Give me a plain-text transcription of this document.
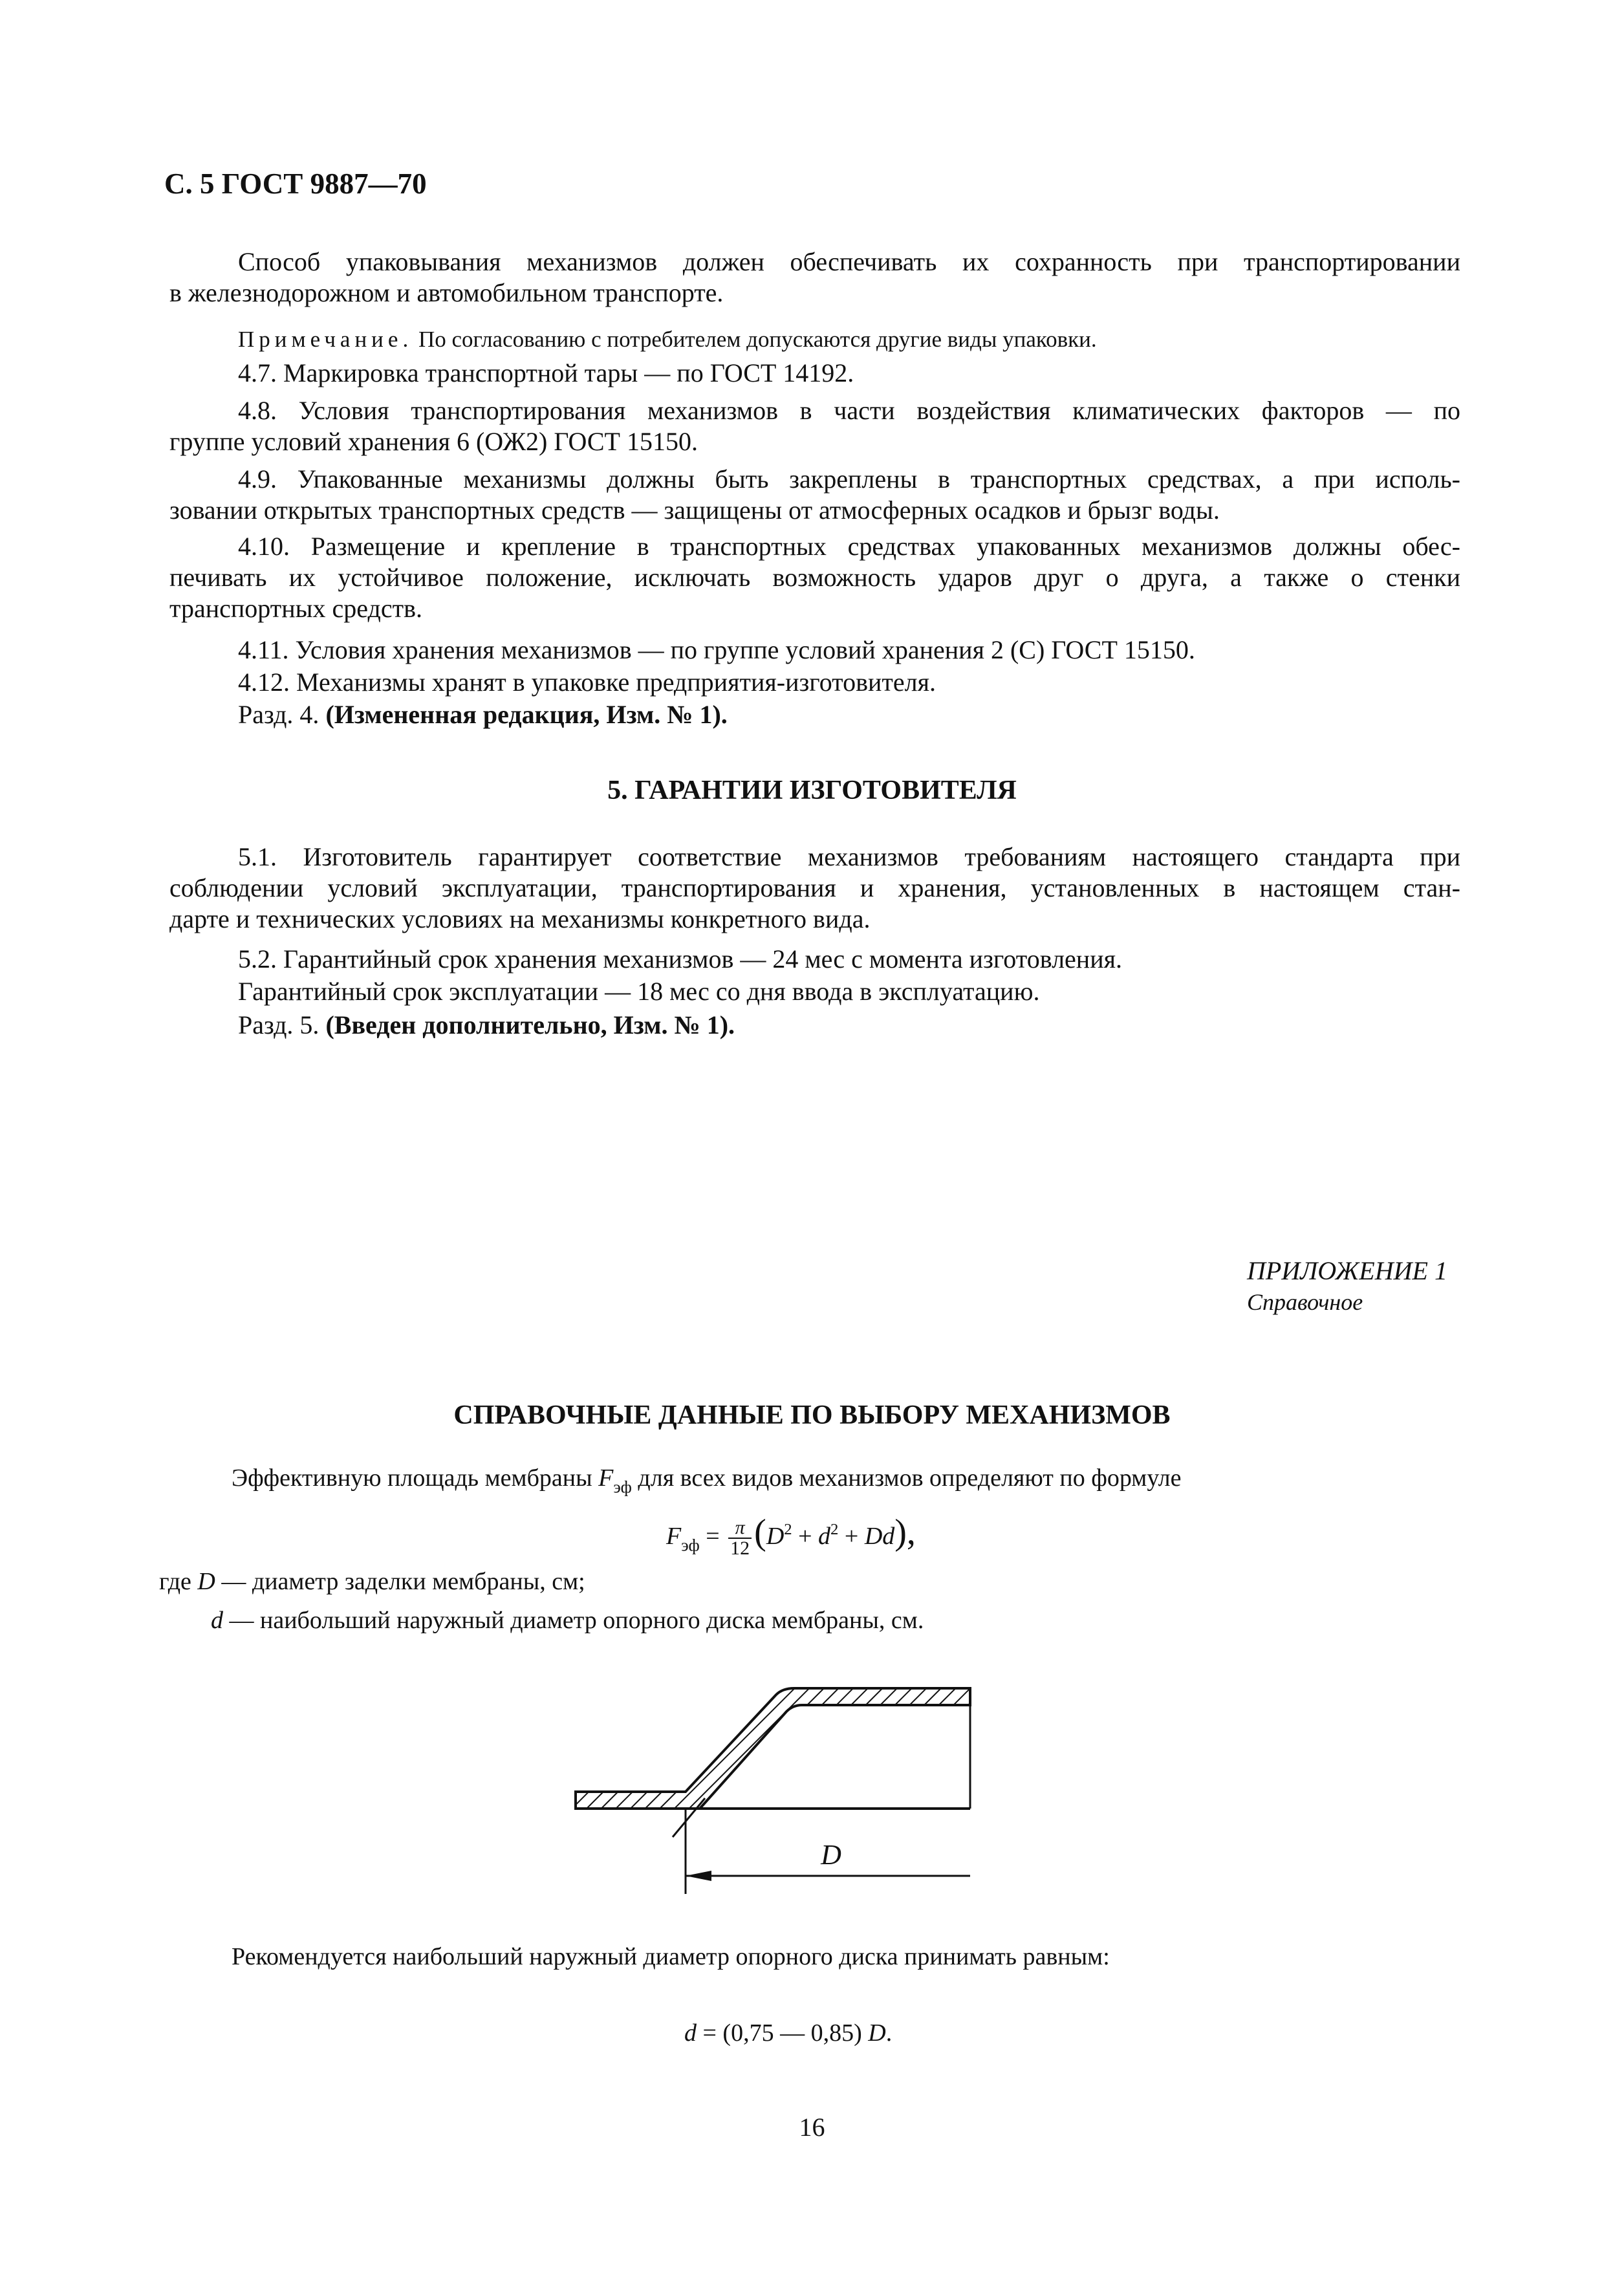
С. 5 ГОСТ 9887—70
Способ упаковывания механизмов должен обеспечивать их сохранность при транспортировании
в железнодорожном и автомобильном транспорте.
Примечание. По согласованию с потребителем допускаются другие виды упаковки.
4.7. Маркировка транспортной тары — по ГОСТ 14192.
4.8. Условия транспортирования механизмов в части воздействия климатических факторов — по
группе условий хранения 6 (ОЖ2) ГОСТ 15150.
4.9. Упакованные механизмы должны быть закреплены в транспортных средствах, а при исполь-
зовании открытых транспортных средств — защищены от атмосферных осадков и брызг воды.
4.10. Размещение и крепление в транспортных средствах упакованных механизмов должны обес-
печивать их устойчивое положение, исключать возможность ударов друг о друга, а также о стенки
транспортных средств.
4.11. Условия хранения механизмов — по группе условий хранения 2 (С) ГОСТ 15150.
4.12. Механизмы хранят в упаковке предприятия-изготовителя.
Разд. 4. (Измененная редакция, Изм. № 1).
5. ГАРАНТИИ ИЗГОТОВИТЕЛЯ
5.1. Изготовитель гарантирует соответствие механизмов требованиям настоящего стандарта при
соблюдении условий эксплуатации, транспортирования и хранения, установленных в настоящем стан-
дарте и технических условиях на механизмы конкретного вида.
5.2. Гарантийный срок хранения механизмов — 24 мес с момента изготовления.
Гарантийный срок эксплуатации — 18 мес со дня ввода в эксплуатацию.
Разд. 5. (Введен дополнительно, Изм. № 1).
ПРИЛОЖЕНИЕ 1
Справочное
СПРАВОЧНЫЕ ДАННЫЕ ПО ВЫБОРУ МЕХАНИЗМОВ
Эффективную площадь мембраны $F_{эф}$ для всех видов механизмов определяют по формуле
$F_{эф} = \frac{\pi}{12} (D^2 + d^2 + Dd)$,
где D — диаметр заделки мембраны, см;
d — наибольший наружный диаметр опорного диска мембраны, см.
D
Рекомендуется наибольший наружный диаметр опорного диска принимать равным:
d = (0,75 — 0,85) D.
16
